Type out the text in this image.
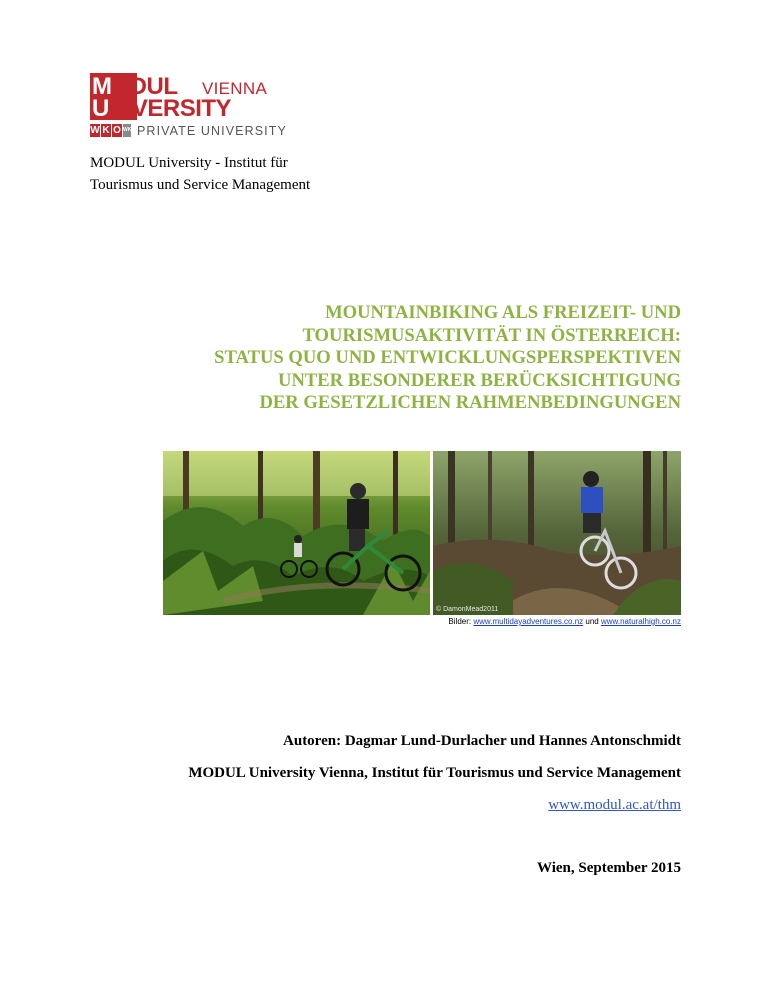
MODUL VIENNA
UNIVERSITY
W K O WKO PRIVATE UNIVERSITY
MODUL University - Institut für
Tourismus und Service Management

MOUNTAINBIKING ALS FREIZEIT- UND

TOURISMUSAKTIVITÄT IN ÖSTERREICH:

STATUS QUO UND ENTWICKLUNGSPERSPEKTIVEN

UNTER BESONDERER BERÜCKSICHTIGUNG

DER GESETZLICHEN RAHMENBEDINGUNGEN

© DamonMead2011
Bilder: www.multidayadventures.co.nz und www.naturalhigh.co.nz
Autoren: Dagmar Lund-Durlacher und Hannes Antonschmidt
MODUL University Vienna, Institut für Tourismus und Service Management
www.modul.ac.at/thm
Wien, September 2015
